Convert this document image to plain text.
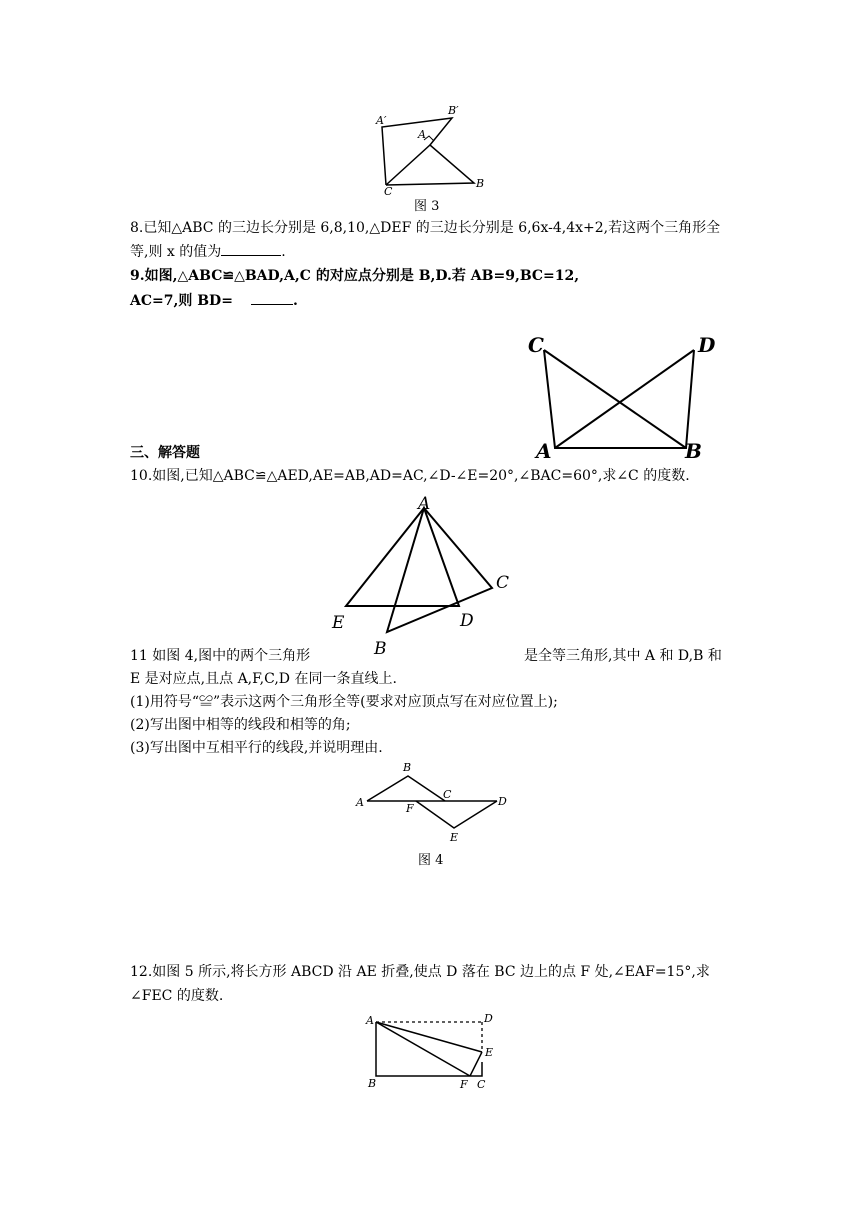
A′
B′
A
C
B
图 3
8.已知△ABC 的三边长分别是 6,8,10,△DEF 的三边长分别是 6,6x-4,4x+2,若这两个三角形全
等,则 x 的值为	.
9.如图,△ABC≌△BAD,A,C 的对应点分别是 B,D.若 AB=9,BC=12,
AC=7,则 BD=	.
C	D
A	B
三、解答题
10.如图,已知△ABC≌△AED,AE=AB,AD=AC,∠D-∠E=20°,∠BAC=60°,求∠C 的度数.
A
C
E	D
B
11 如图 4,图中的两个三角形	是全等三角形,其中 A 和 D,B 和
E 是对应点,且点 A,F,C,D 在同一条直线上.
(1)用符号“≌”表示这两个三角形全等(要求对应顶点写在对应位置上);
(2)写出图中相等的线段和相等的角;
(3)写出图中互相平行的线段,并说明理由.
A
B
C
D
F
E
图 4
12.如图 5 所示,将长方形 ABCD 沿 AE 折叠,使点 D 落在 BC 边上的点 F 处,∠EAF=15°,求
∠FEC 的度数.
A	D
E
B	F C
